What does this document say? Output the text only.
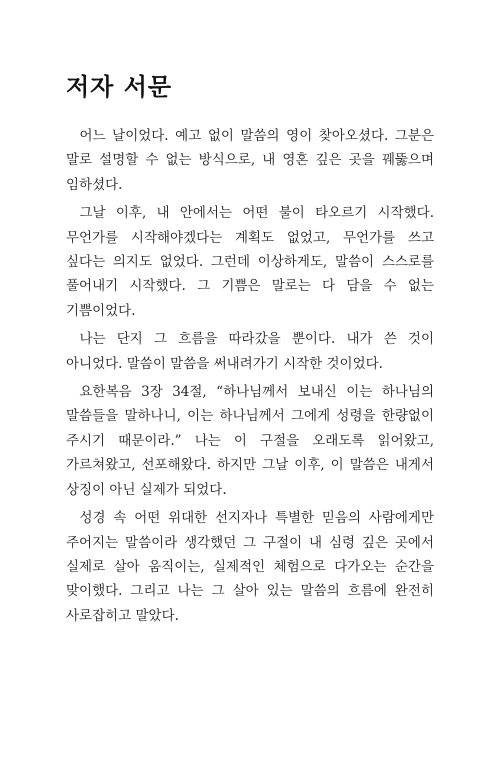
저자 서문

어느 날이었다. 예고 없이 말씀의 영이 찾아오셨다. 그분은 말로 설명할 수 없는 방식으로, 내 영혼 깊은 곳을 꿰뚫으며 임하셨다.

그날 이후, 내 안에서는 어떤 불이 타오르기 시작했다. 무언가를 시작해야겠다는 계획도 없었고, 무언가를 쓰고 싶다는 의지도 없었다. 그런데 이상하게도, 말씀이 스스로를 풀어내기 시작했다. 그 기쁨은 말로는 다 담을 수 없는 기쁨이었다.

나는 단지 그 흐름을 따라갔을 뿐이다. 내가 쓴 것이 아니었다. 말씀이 말씀을 써내려가기 시작한 것이었다.

요한복음 3장 34절, “하나님께서 보내신 이는 하나님의 말씀들을 말하나니, 이는 하나님께서 그에게 성령을 한량없이 주시기 때문이라.” 나는 이 구절을 오래도록 읽어왔고, 가르쳐왔고, 선포해왔다. 하지만 그날 이후, 이 말씀은 내게서 상징이 아닌 실제가 되었다.

성경 속 어떤 위대한 선지자나 특별한 믿음의 사람에게만 주어지는 말씀이라 생각했던 그 구절이 내 심령 깊은 곳에서 실제로 살아 움직이는, 실제적인 체험으로 다가오는 순간을 맞이했다. 그리고 나는 그 살아 있는 말씀의 흐름에 완전히 사로잡히고 말았다.
